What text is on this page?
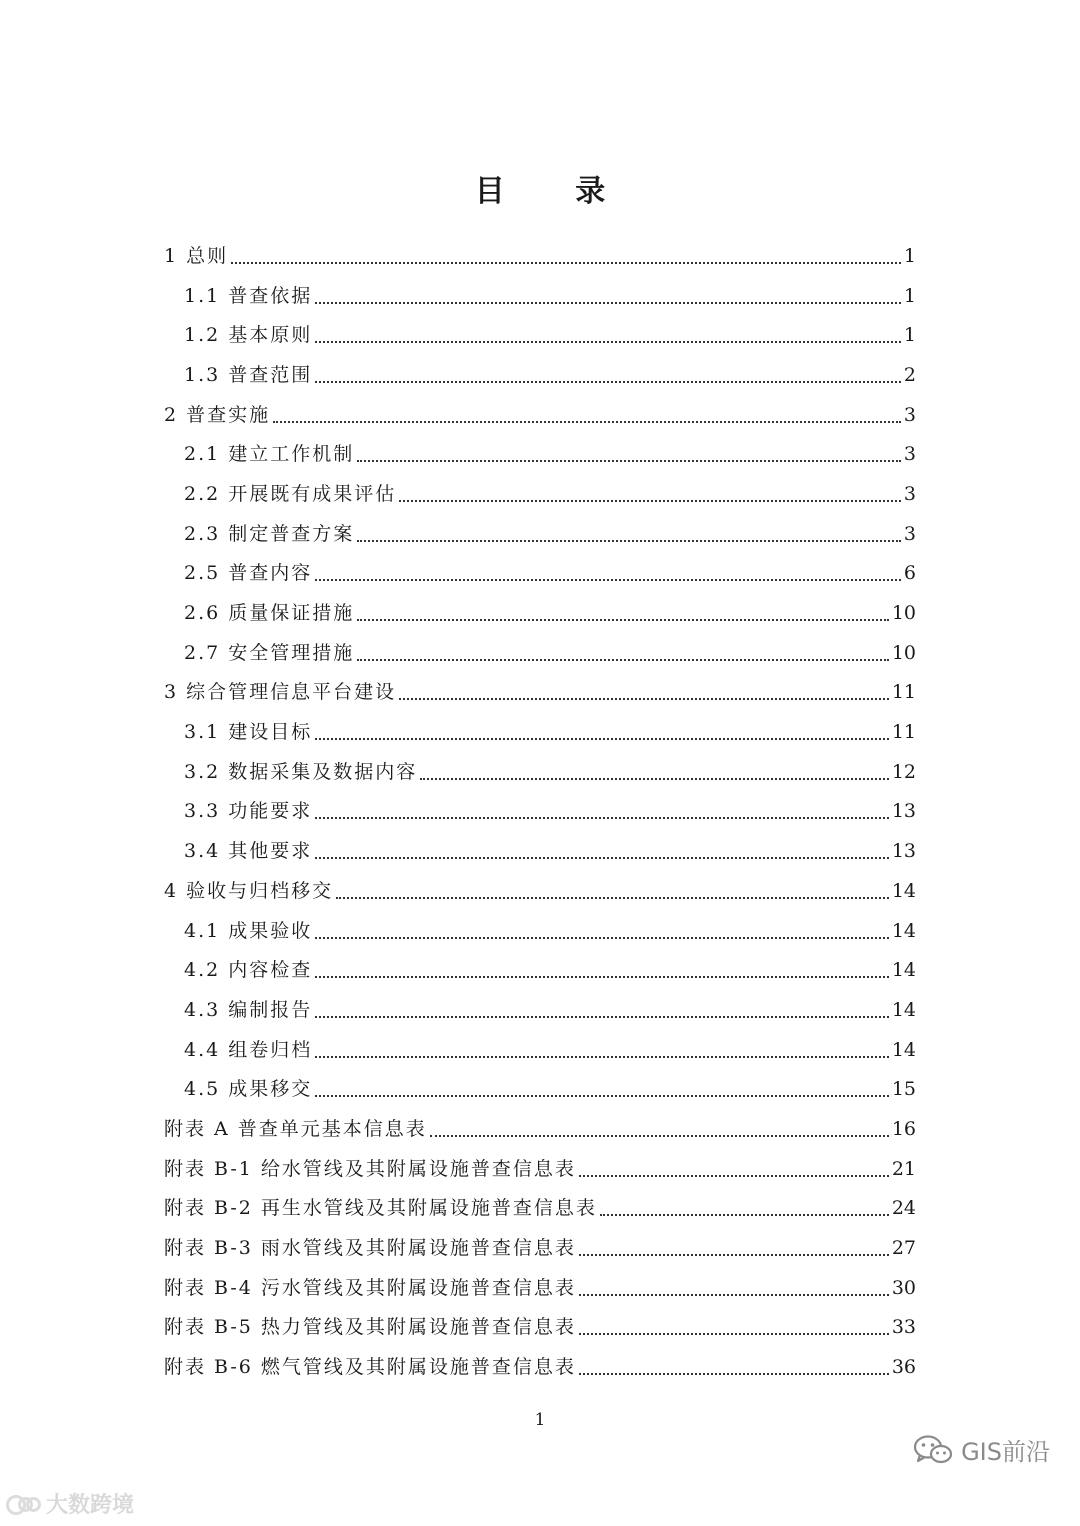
目 录
1 总则	1
1.1 普查依据	1
1.2 基本原则	1
1.3 普查范围	2
2 普查实施	3
2.1 建立工作机制	3
2.2 开展既有成果评估	3
2.3 制定普查方案	3
2.5 普查内容	6
2.6 质量保证措施	10
2.7 安全管理措施	10
3 综合管理信息平台建设	11
3.1 建设目标	11
3.2 数据采集及数据内容	12
3.3 功能要求	13
3.4 其他要求	13
4 验收与归档移交	14
4.1 成果验收	14
4.2 内容检查	14
4.3 编制报告	14
4.4 组卷归档	14
4.5 成果移交	15
附表 A 普查单元基本信息表	16
附表 B-1 给水管线及其附属设施普查信息表	21
附表 B-2 再生水管线及其附属设施普查信息表	24
附表 B-3 雨水管线及其附属设施普查信息表	27
附表 B-4 污水管线及其附属设施普查信息表	30
附表 B-5 热力管线及其附属设施普查信息表	33
附表 B-6 燃气管线及其附属设施普查信息表	36
1
大数跨境
GIS前沿
